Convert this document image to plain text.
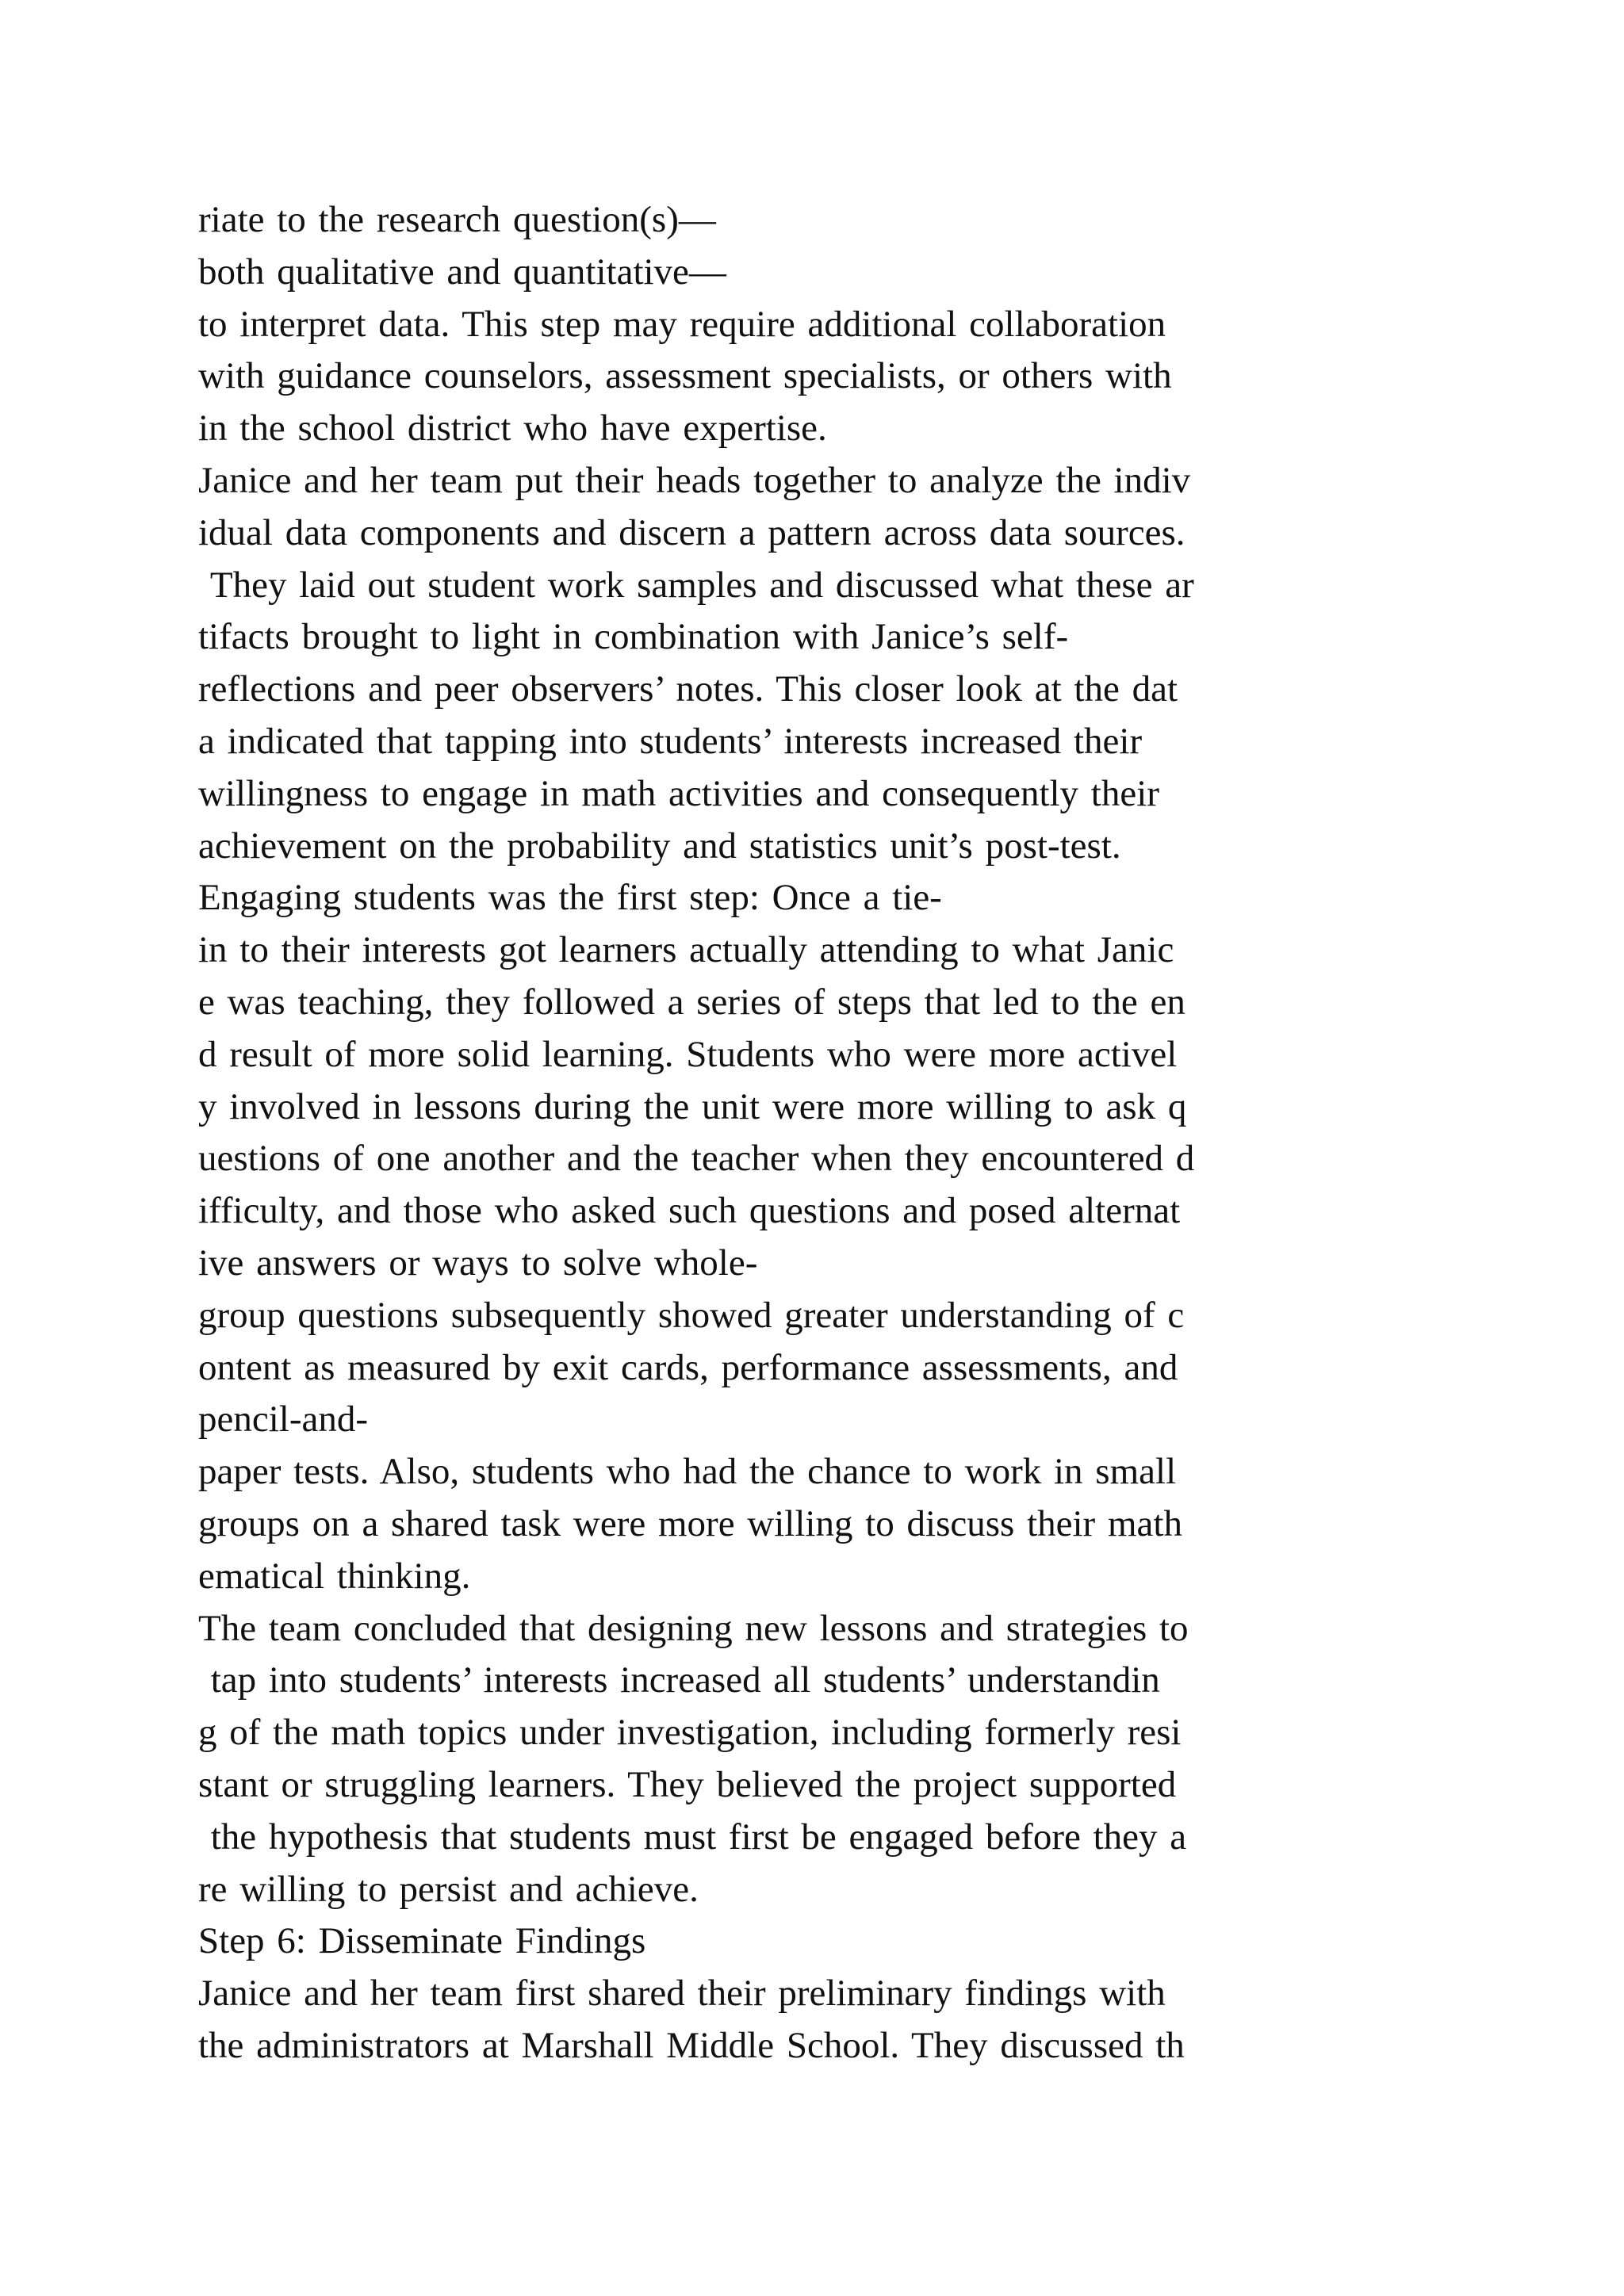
riate to the research question(s)—
both qualitative and quantitative—
to interpret data. This step may require additional collaboration
with guidance counselors, assessment specialists, or others with
in the school district who have expertise.
Janice and her team put their heads together to analyze the indiv
idual data components and discern a pattern across data sources.
They laid out student work samples and discussed what these ar
tifacts brought to light in combination with Janice’s self-
reflections and peer observers’ notes. This closer look at the dat
a indicated that tapping into students’ interests increased their
willingness to engage in math activities and consequently their
achievement on the probability and statistics unit’s post-test.
Engaging students was the first step: Once a tie-
in to their interests got learners actually attending to what Janic
e was teaching, they followed a series of steps that led to the en
d result of more solid learning. Students who were more activel
y involved in lessons during the unit were more willing to ask q
uestions of one another and the teacher when they encountered d
ifficulty, and those who asked such questions and posed alternat
ive answers or ways to solve whole-
group questions subsequently showed greater understanding of c
ontent as measured by exit cards, performance assessments, and
pencil-and-
paper tests. Also, students who had the chance to work in small
groups on a shared task were more willing to discuss their math
ematical thinking.
The team concluded that designing new lessons and strategies to
tap into students’ interests increased all students’ understandin
g of the math topics under investigation, including formerly resi
stant or struggling learners. They believed the project supported
the hypothesis that students must first be engaged before they a
re willing to persist and achieve.
Step 6: Disseminate Findings
Janice and her team first shared their preliminary findings with
the administrators at Marshall Middle School. They discussed th
